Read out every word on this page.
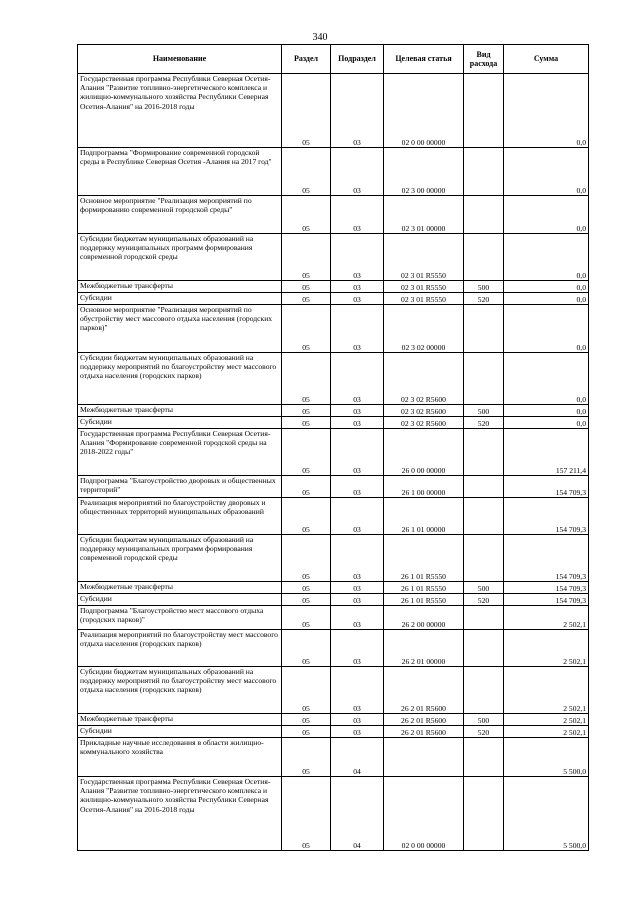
340
Наименование	Раздел	Подраздел	Целевая статья	Вид расхода	Сумма
Государственная программа Республики Северная Осетия-Алания "Развитие топливно-энергетического комплекса и жилищно-коммунального хозяйства Республики Северная Осетия-Алания" на 2016-2018 годы	05	03	02 0 00 00000		0,0
Подпрограмма "Формирование современной городской среды в Республике Северная Осетия -Алания на 2017 год"	05	03	02 3 00 00000		0,0
Основное мероприятие "Реализация мероприятий по формированию современной городской среды"	05	03	02 3 01 00000		0,0
Субсидии бюджетам муниципальных образований на поддержку муниципальных программ формирования современной городской среды	05	03	02 3 01 R5550		0,0
Межбюджетные трансферты	05	03	02 3 01 R5550	500	0,0
Субсидии	05	03	02 3 01 R5550	520	0,0
Основное мероприятие "Реализация мероприятий по обустройству мест массового отдыха населения (городских парков)"	05	03	02 3 02 00000		0,0
Субсидии бюджетам муниципальных образований на поддержку мероприятий по благоустройству мест массового отдыха населения (городских парков)	05	03	02 3 02 R5600		0,0
Межбюджетные трансферты	05	03	02 3 02 R5600	500	0,0
Субсидии	05	03	02 3 02 R5600	520	0,0
Государственная программа Республики Северная Осетия-Алания "Формирование современной городской среды на 2018-2022 годы"	05	03	26 0 00 00000		157 211,4
Подпрограмма "Благоустройство дворовых и общественных территорий"	05	03	26 1 00 00000		154 709,3
Реализация мероприятий по благоустройству дворовых и общественных территорий муниципальных образований	05	03	26 1 01 00000		154 709,3
Субсидии бюджетам муниципальных образований на поддержку муниципальных программ формирования современной городской среды	05	03	26 1 01 R5550		154 709,3
Межбюджетные трансферты	05	03	26 1 01 R5550	500	154 709,3
Субсидии	05	03	26 1 01 R5550	520	154 709,3
Подпрограмма "Благоустройство мест массового отдыха (городских парков)"	05	03	26 2 00 00000		2 502,1
Реализация мероприятий по благоустройству мест массового отдыха населения (городских парков)	05	03	26 2 01 00000		2 502,1
Субсидии бюджетам муниципальных образований на поддержку мероприятий по благоустройству мест массового отдыха населения (городских парков)	05	03	26 2 01 R5600		2 502,1
Межбюджетные трансферты	05	03	26 2 01 R5600	500	2 502,1
Субсидии	05	03	26 2 01 R5600	520	2 502,1
Прикладные научные исследования в области жилищно-коммунального хозяйства	05	04			5 500,0
Государственная программа Республики Северная Осетия-Алания "Развитие топливно-энергетического комплекса и жилищно-коммунального хозяйства Республики Северная Осетия-Алания" на 2016-2018 годы	05	04	02 0 00 00000		5 500,0
